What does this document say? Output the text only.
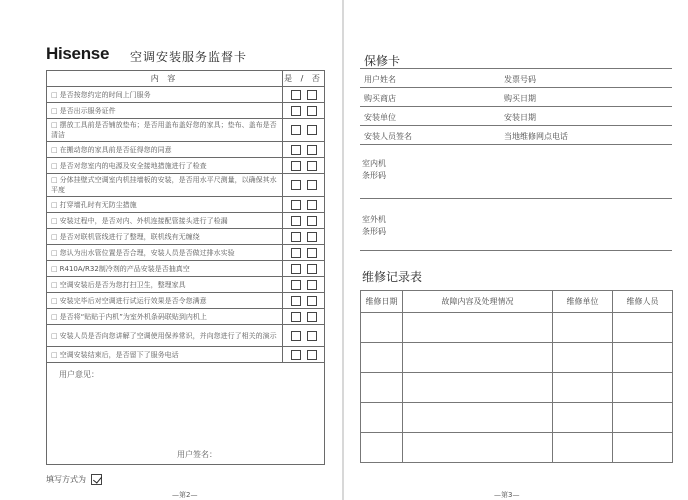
Hisense 空调安装服务监督卡
内 容	是 / 否
□ 是否按您约定的时间上门服务	
□ 是否出示服务证件	
□ 摆放工具前是否铺放垫布；是否用盖布盖好您的家具；垫布、盖布是否清洁	
□ 在搬动您的家具前是否征得您的同意	
□ 是否对您室内的电源及安全接地措施进行了检查	
□ 分体挂壁式空调室内机挂墙板的安装，是否用水平尺测量，以确保其水平度	
□ 打穿墙孔时有无防尘措施	
□ 安装过程中，是否对内、外机连接配管接头进行了检漏	
□ 是否对联机管线进行了整理，联机线有无缠绕	
□ 您认为出水管位置是否合理，安装人员是否做过排水实验	
□ R410A/R32制冷剂的产品安装是否抽真空	
□ 空调安装后是否为您打扫卫生，整理家具	
□ 安装完毕后对空调进行试运行效果是否令您满意	
□ 是否将“贴贴于内机”为室外机条码联贴到内机上	
□ 安装人员是否向您讲解了空调使用保养常识，并向您进行了相关的演示	
□ 空调安装结束后，是否留下了服务电话	

用户意见：
用户签名：	
填写方式为
—第2—
保修卡
用户姓名	发票号码
购买商店	购买日期
安装单位	安装日期
安装人员签名	当地维修网点电话
室内机
条形码
室外机
条形码
维修记录表
维修日期	故障内容及处理情况	维修单位	维修人员

—第3—
